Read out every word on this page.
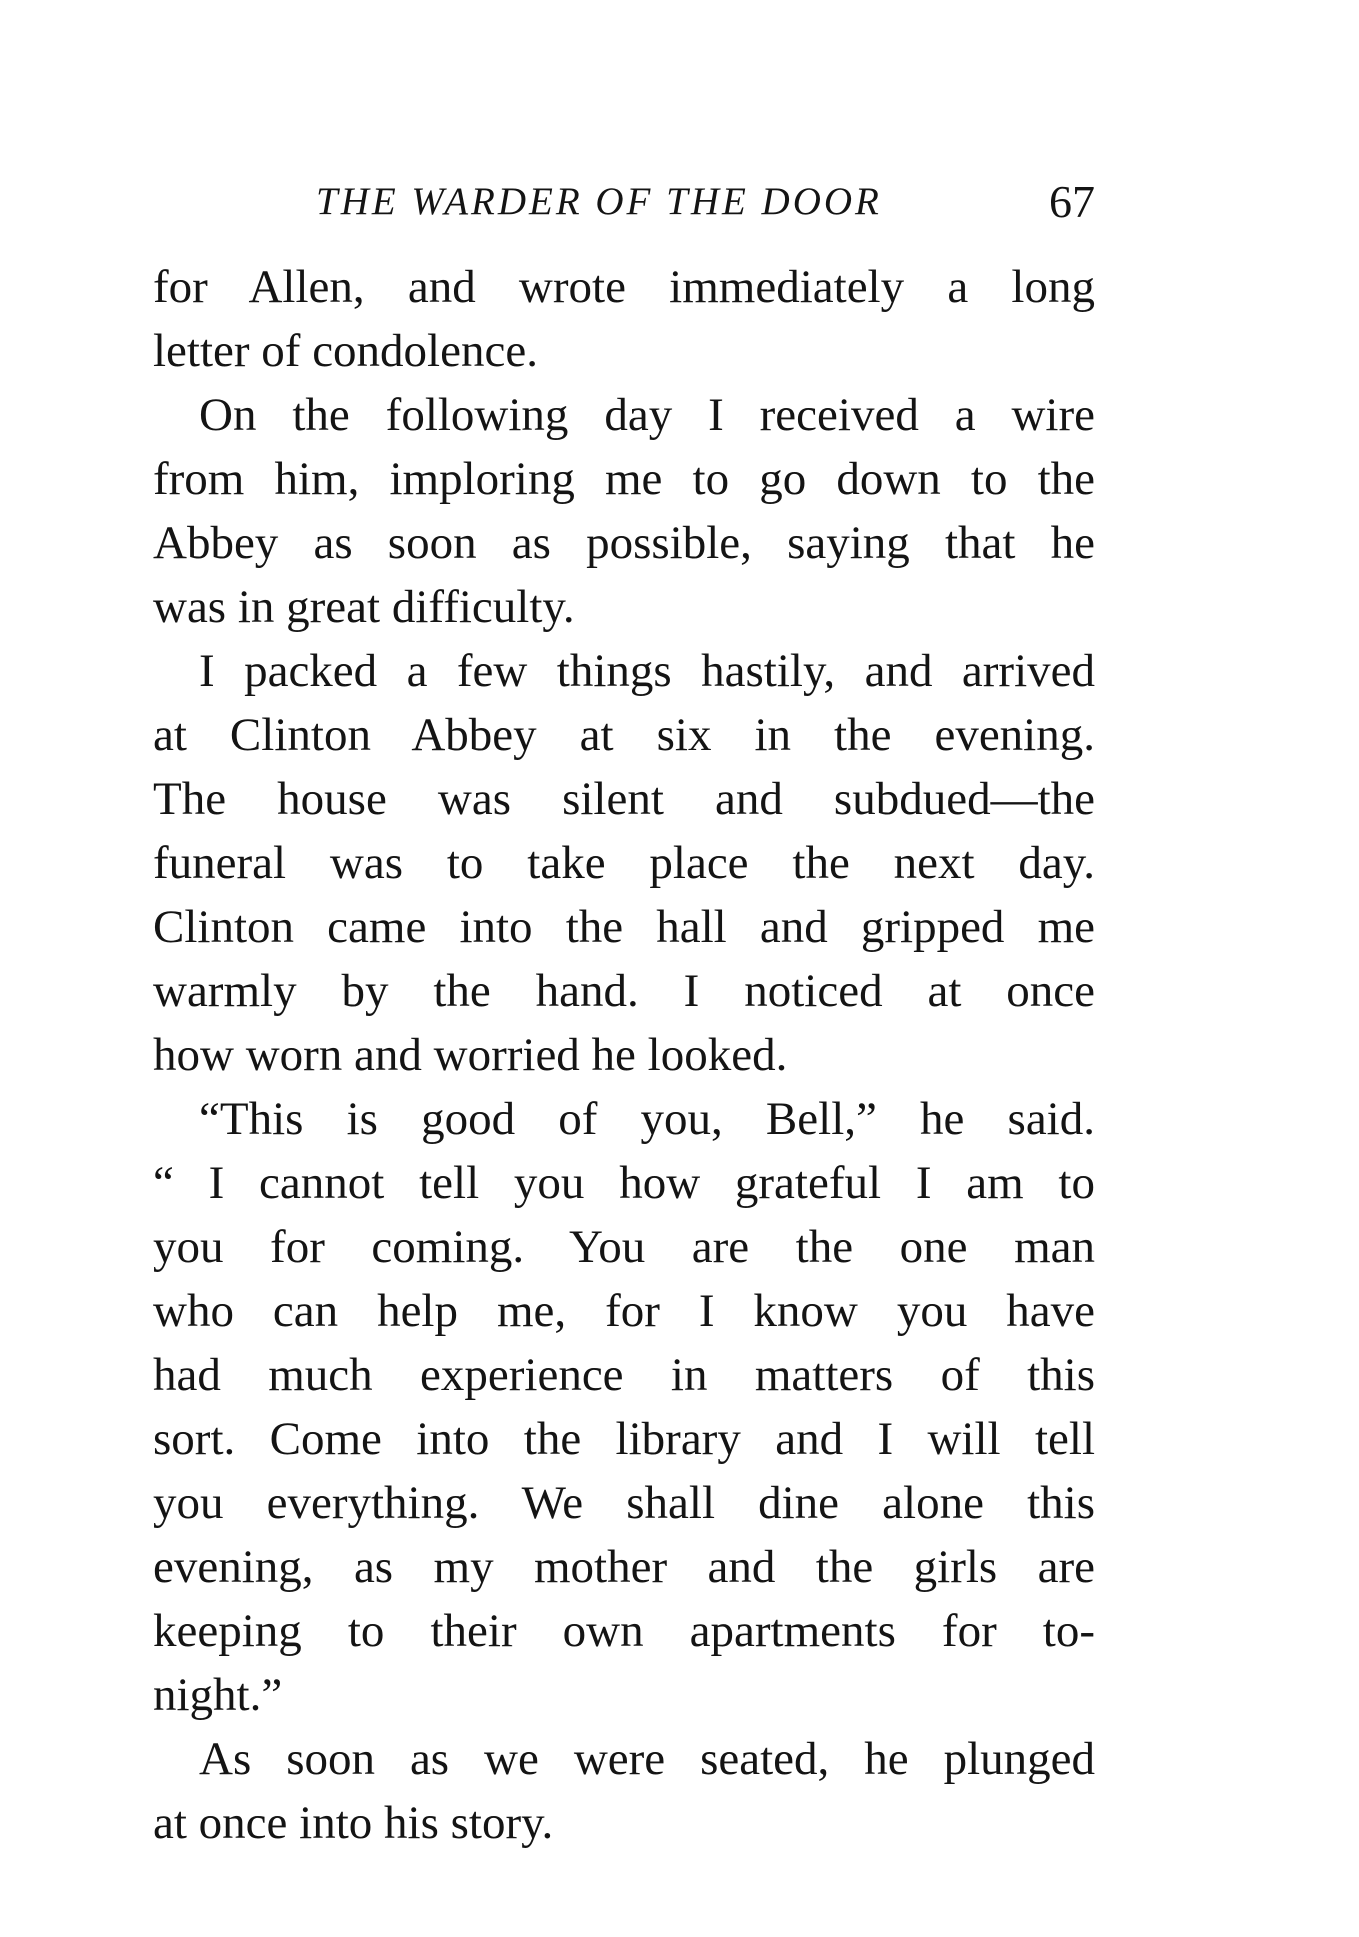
THE WARDER OF THE DOOR	67
for Allen, and wrote immediately a long
letter of condolence.
On the following day I received a wire
from him, imploring me to go down to the
Abbey as soon as possible, saying that he
was in great difficulty.
I packed a few things hastily, and arrived
at Clinton Abbey at six in the evening.
The house was silent and subdued—the
funeral was to take place the next day.
Clinton came into the hall and gripped me
warmly by the hand. I noticed at once
how worn and worried he looked.
“This is good of you, Bell,” he said.
“ I cannot tell you how grateful I am to
you for coming. You are the one man
who can help me, for I know you have
had much experience in matters of this
sort. Come into the library and I will tell
you everything. We shall dine alone this
evening, as my mother and the girls are
keeping to their own apartments for to-
night.”
As soon as we were seated, he plunged
at once into his story.
